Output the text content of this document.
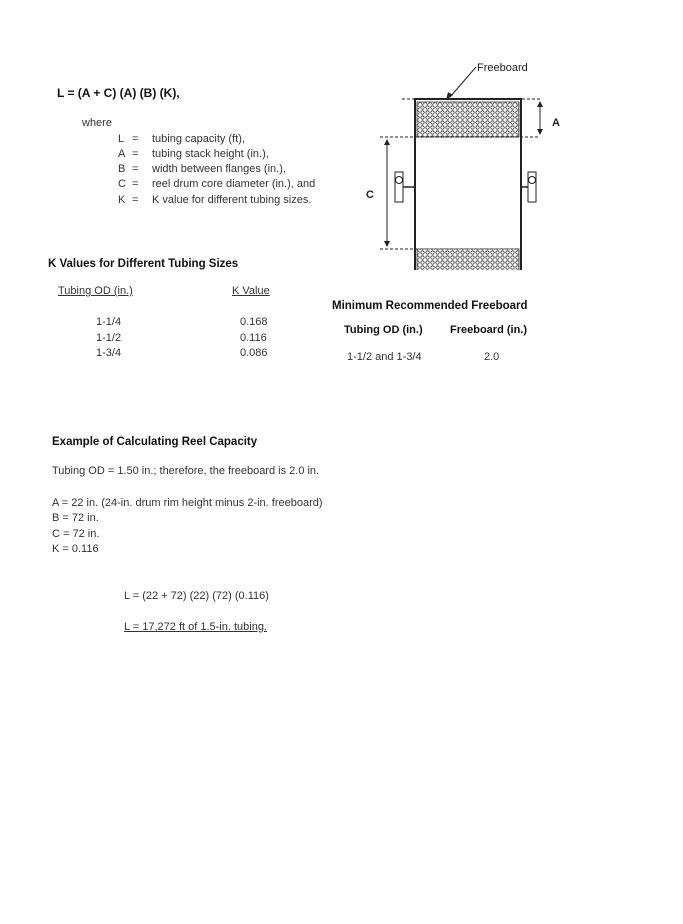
L = (A + C) (A) (B) (K),
where
L = tubing capacity (ft),
A = tubing stack height (in.),
B = width between flanges (in.),
C = reel drum core diameter (in.), and
K = K value for different tubing sizes.
K Values for Different Tubing Sizes
Tubing OD (in.)	K Value
1-1/4	0.168
1-1/2	0.116
1-3/4	0.086
Minimum Recommended Freeboard
Tubing OD (in.) Freeboard (in.)
1-1/2 and 1-3/4	2.0
Freeboard
A
C
Example of Calculating Reel Capacity
Tubing OD = 1.50 in.; therefore, the freeboard is 2.0 in.
A = 22 in. (24-in. drum rim height minus 2-in. freeboard)
B = 72 in.
C = 72 in.
K = 0.116
L = (22 + 72) (22) (72) (0.116)
L = 17,272 ft of 1.5-in. tubing.
